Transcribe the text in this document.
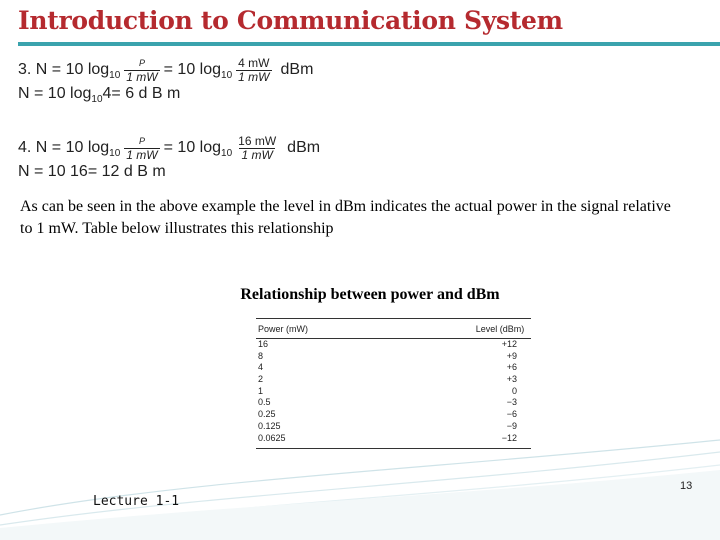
Introduction to Communication System
3. N = 10 $\log 10 \frac{P}{1 mW} = 10$ $\log 10 \frac{4 mW}{1 mW}$ dBm
N = 10 log 10 4= 6 d B m
4. N = 10 $\log 10 \frac{P}{1 mW} = 10$ $\log 10 \frac{16 mW}{1 mW}$ dBm
N = 10 16= 12 d B m
As can be seen in the above example the level in dBm indicates the actual power in the signal relative to 1 mW. Table below illustrates this relationship
Relationship between power and dBm
Power (mW)	Level (dBm)
16	+12
8	+9
4	+6
2	+3
1	0
0.5	−3
0.25	−6
0.125	−9
0.0625	−12
Lecture 1-1
13
